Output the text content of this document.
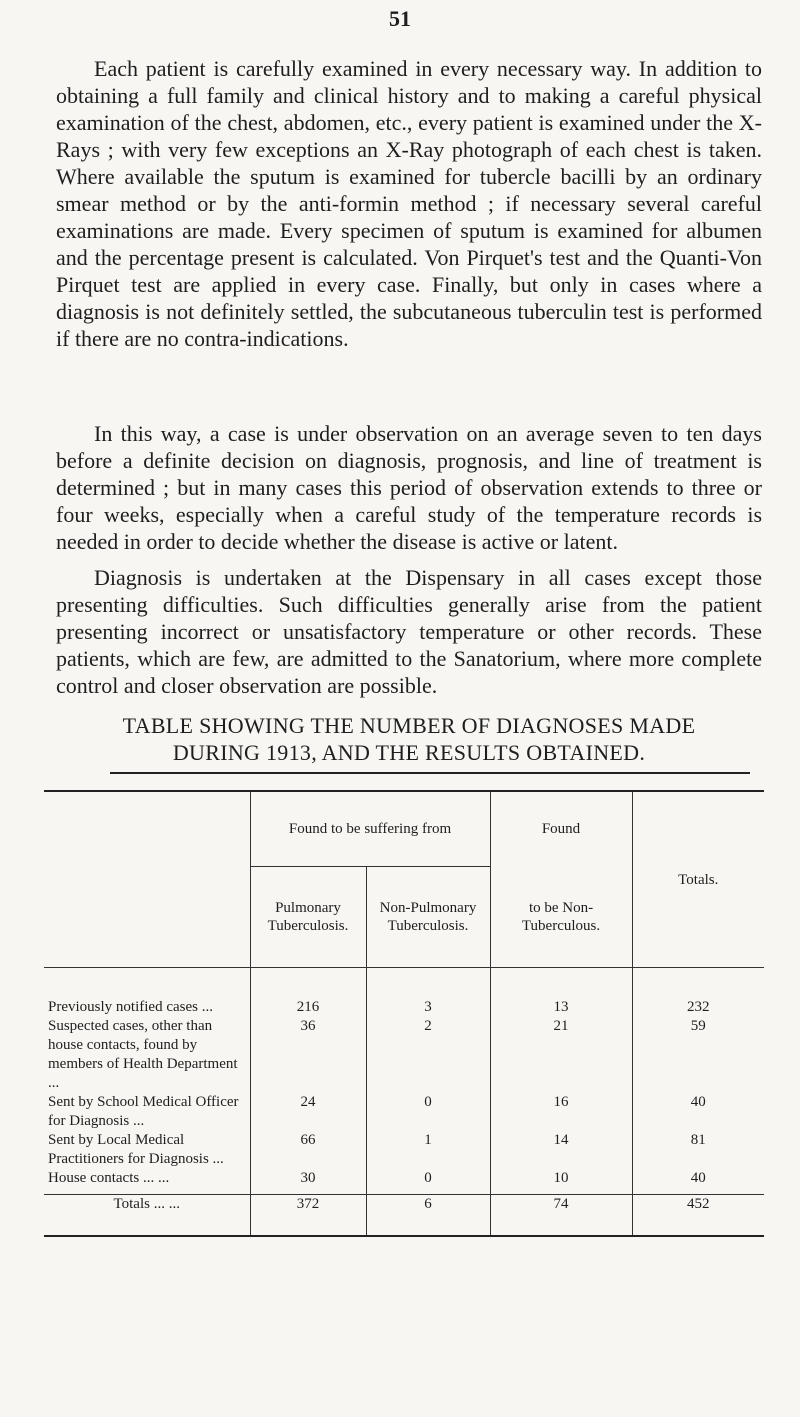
51

Each patient is carefully examined in every necessary way. In addition to obtaining a full family and clinical history and to making a careful physical examination of the chest, abdomen, etc., every patient is examined under the X-Rays ; with very few exceptions an X-Ray photograph of each chest is taken. Where available the sputum is examined for tubercle bacilli by an ordinary smear method or by the anti-formin method ; if necessary several careful examinations are made. Every specimen of sputum is examined for albumen and the percentage present is calculated. Von Pirquet's test and the Quanti-Von Pirquet test are applied in every case. Finally, but only in cases where a diagnosis is not definitely settled, the subcutaneous tuberculin test is performed if there are no contra-indications.

In this way, a case is under observation on an average seven to ten days before a definite decision on diagnosis, prognosis, and line of treatment is determined ; but in many cases this period of observation extends to three or four weeks, especially when a careful study of the temperature records is needed in order to decide whether the disease is active or latent.

Diagnosis is undertaken at the Dispensary in all cases except those presenting difficulties. Such difficulties generally arise from the patient presenting incorrect or unsatisfactory temperature or other records. These patients, which are few, are admitted to the Sanatorium, where more complete control and closer observation are possible.

TABLE SHOWING THE NUMBER OF DIAGNOSES MADE
DURING 1913, AND THE RESULTS OBTAINED.
	Found to be suffering from		Found	Totals.
	Pulmonary Tuberculosis.	Non-Pulmonary Tuberculosis.	to be Non-Tuberculous.	

Previously notified cases ...	216	3	13	232
Suspected cases, other than house contacts, found by members of Health Department ...	36	2	21	59
Sent by School Medical Officer for Diagnosis ...	24	0	16	40
Sent by Local Medical Practitioners for Diagnosis ...	66	1	14	81
House contacts ... ...	30	0	10	40
Totals ... ...	372	6	74	452
